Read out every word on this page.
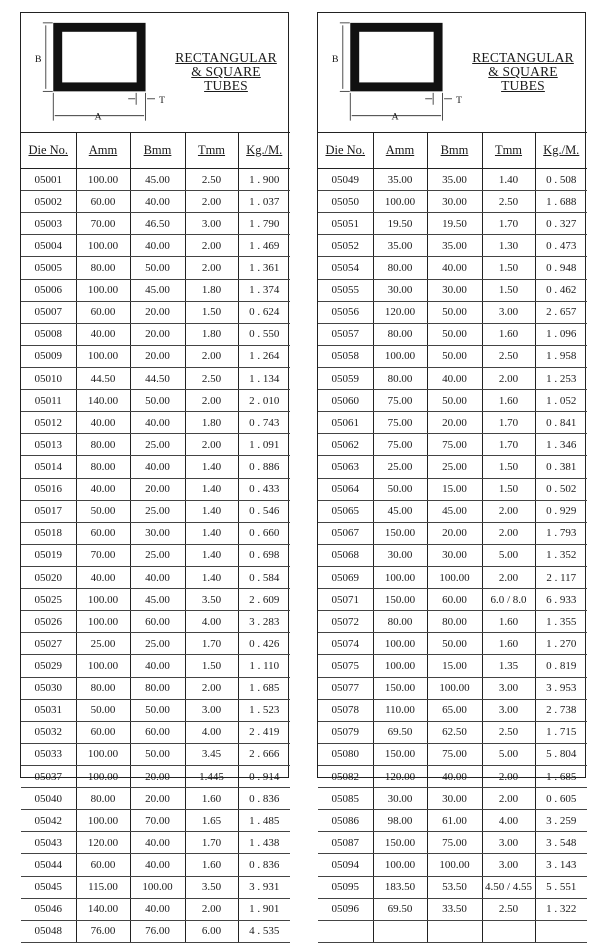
B
A
T
RECTANGULAR
& SQUARE
TUBES
Die No.	Amm	Bmm	Tmm	Kg./M.
05001	100.00	45.00	2.50	1 . 900
05002	60.00	40.00	2.00	1 . 037
05003	70.00	46.50	3.00	1 . 790
05004	100.00	40.00	2.00	1 . 469
05005	80.00	50.00	2.00	1 . 361
05006	100.00	45.00	1.80	1 . 374
05007	60.00	20.00	1.50	0 . 624
05008	40.00	20.00	1.80	0 . 550
05009	100.00	20.00	2.00	1 . 264
05010	44.50	44.50	2.50	1 . 134
05011	140.00	50.00	2.00	2 . 010
05012	40.00	40.00	1.80	0 . 743
05013	80.00	25.00	2.00	1 . 091
05014	80.00	40.00	1.40	0 . 886
05016	40.00	20.00	1.40	0 . 433
05017	50.00	25.00	1.40	0 . 546
05018	60.00	30.00	1.40	0 . 660
05019	70.00	25.00	1.40	0 . 698
05020	40.00	40.00	1.40	0 . 584
05025	100.00	45.00	3.50	2 . 609
05026	100.00	60.00	4.00	3 . 283
05027	25.00	25.00	1.70	0 . 426
05029	100.00	40.00	1.50	1 . 110
05030	80.00	80.00	2.00	1 . 685
05031	50.00	50.00	3.00	1 . 523
05032	60.00	60.00	4.00	2 . 419
05033	100.00	50.00	3.45	2 . 666
05037	100.00	20.00	1.445	0 . 914
05040	80.00	20.00	1.60	0 . 836
05042	100.00	70.00	1.65	1 . 485
05043	120.00	40.00	1.70	1 . 438
05044	60.00	40.00	1.60	0 . 836
05045	115.00	100.00	3.50	3 . 931
05046	140.00	40.00	2.00	1 . 901
05048	76.00	76.00	6.00	4 . 535
B
A
T
RECTANGULAR
& SQUARE
TUBES
Die No.	Amm	Bmm	Tmm	Kg./M.
05049	35.00	35.00	1.40	0 . 508
05050	100.00	30.00	2.50	1 . 688
05051	19.50	19.50	1.70	0 . 327
05052	35.00	35.00	1.30	0 . 473
05054	80.00	40.00	1.50	0 . 948
05055	30.00	30.00	1.50	0 . 462
05056	120.00	50.00	3.00	2 . 657
05057	80.00	50.00	1.60	1 . 096
05058	100.00	50.00	2.50	1 . 958
05059	80.00	40.00	2.00	1 . 253
05060	75.00	50.00	1.60	1 . 052
05061	75.00	20.00	1.70	0 . 841
05062	75.00	75.00	1.70	1 . 346
05063	25.00	25.00	1.50	0 . 381
05064	50.00	15.00	1.50	0 . 502
05065	45.00	45.00	2.00	0 . 929
05067	150.00	20.00	2.00	1 . 793
05068	30.00	30.00	5.00	1 . 352
05069	100.00	100.00	2.00	2 . 117
05071	150.00	60.00	6.0 / 8.0	6 . 933
05072	80.00	80.00	1.60	1 . 355
05074	100.00	50.00	1.60	1 . 270
05075	100.00	15.00	1.35	0 . 819
05077	150.00	100.00	3.00	3 . 953
05078	110.00	65.00	3.00	2 . 738
05079	69.50	62.50	2.50	1 . 715
05080	150.00	75.00	5.00	5 . 804
05082	120.00	40.00	2.00	1 . 685
05085	30.00	30.00	2.00	0 . 605
05086	98.00	61.00	4.00	3 . 259
05087	150.00	75.00	3.00	3 . 548
05094	100.00	100.00	3.00	3 . 143
05095	183.50	53.50	4.50 / 4.55	5 . 551
05096	69.50	33.50	2.50	1 . 322
